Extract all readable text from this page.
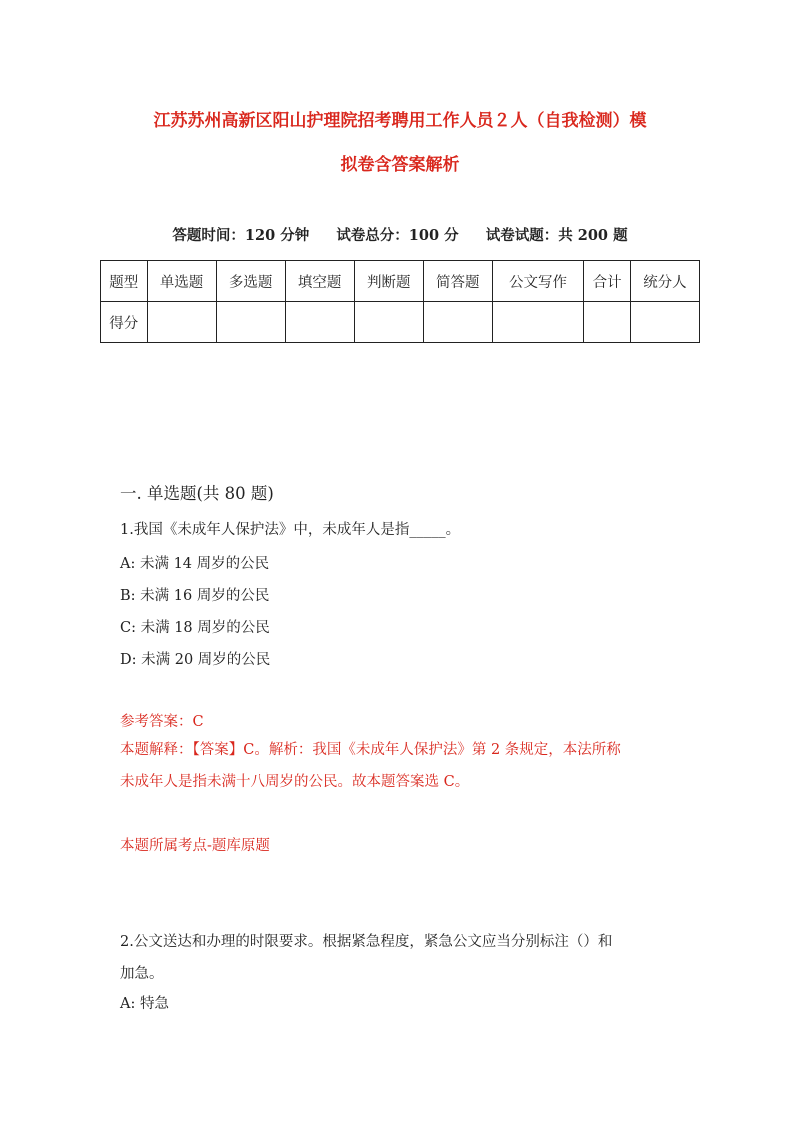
江苏苏州高新区阳山护理院招考聘用工作人员２人（自我检测）模
拟卷含答案解析
答题时间：120 分钟 试卷总分：100 分 试卷试题：共 200 题
题型	单选题	多选题	填空题	判断题	简答题	公文写作	合计	统分人
得分								
一. 单选题(共 80 题)
1.我国《未成年人保护法》中，未成年人是指_____。
A: 未满 14 周岁的公民
B: 未满 16 周岁的公民
C: 未满 18 周岁的公民
D: 未满 20 周岁的公民
参考答案：C
本题解释：【答案】C。解析：我国《未成年人保护法》第 2 条规定，本法所称
未成年人是指未满十八周岁的公民。故本题答案选 C。
本题所属考点-题库原题
2.公文送达和办理的时限要求。根据紧急程度，紧急公文应当分别标注（）和
加急。
A: 特急
